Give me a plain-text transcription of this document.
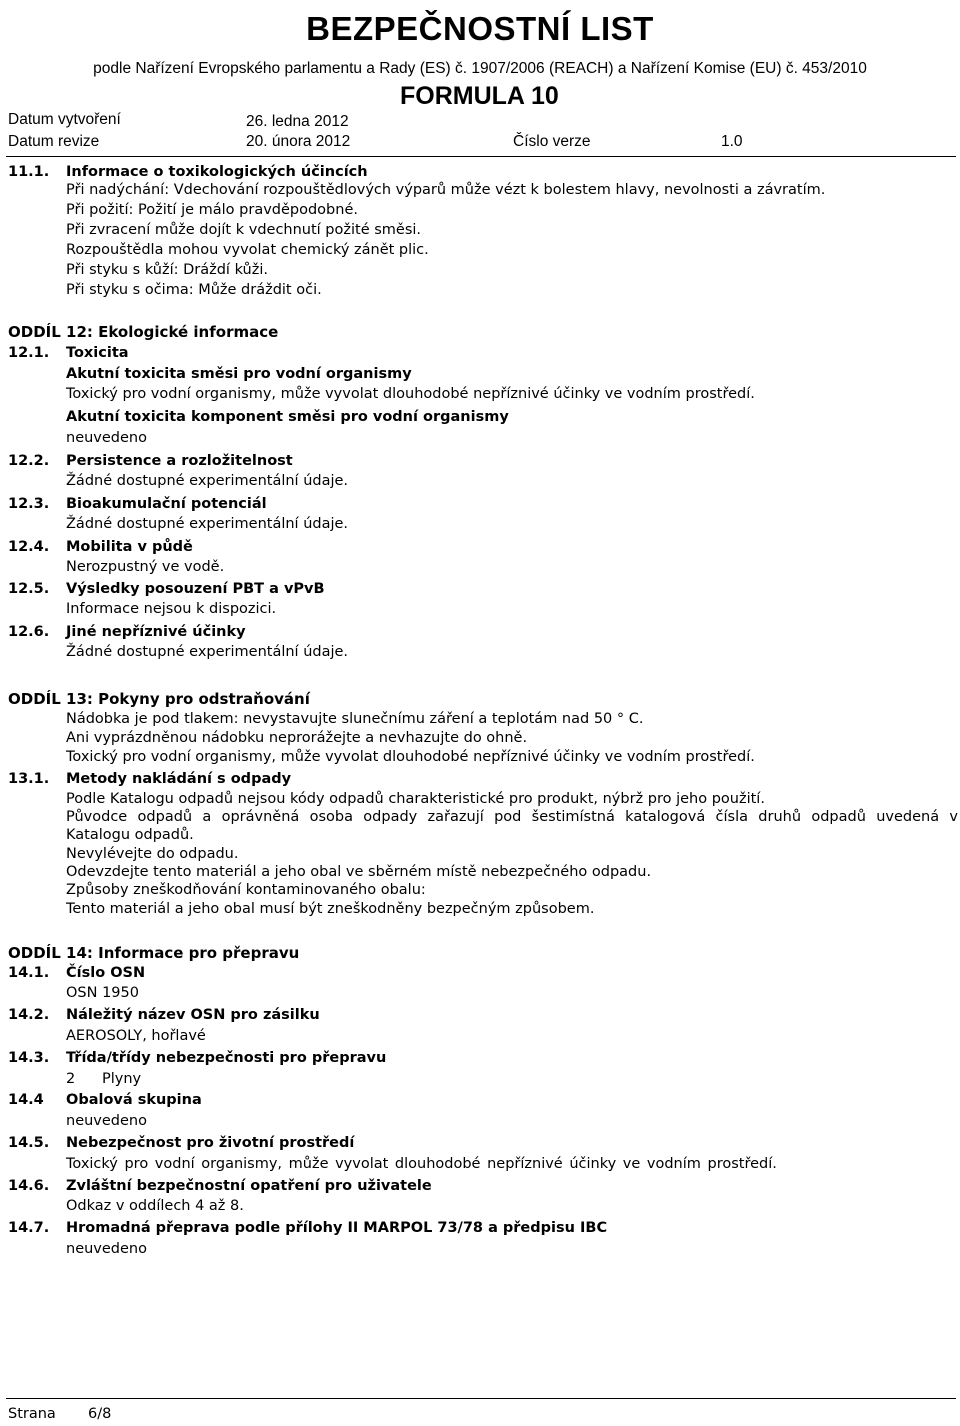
BEZPEČNOSTNÍ LIST
podle Nařízení Evropského parlamentu a Rady (ES) č. 1907/2006 (REACH) a Nařízení Komise (EU) č. 453/2010
FORMULA 10
Datum vytvoření	26. ledna 2012
Datum revize	20. února 2012	Číslo verze	1.0
11.1. Informace o toxikologických účincích
Při nadýchání: Vdechování rozpouštědlových výparů může vézt k bolestem hlavy, nevolnosti a závratím.
Při požití: Požití je málo pravděpodobné.
Při zvracení může dojít k vdechnutí požité směsi.
Rozpouštědla mohou vyvolat chemický zánět plic.
Při styku s kůží: Dráždí kůži.
Při styku s očima: Může dráždit oči.
ODDÍL 12: Ekologické informace
12.1. Toxicita
Akutní toxicita směsi pro vodní organismy
Toxický pro vodní organismy, může vyvolat dlouhodobé nepříznivé účinky ve vodním prostředí.
Akutní toxicita komponent směsi pro vodní organismy
neuvedeno
12.2. Persistence a rozložitelnost
Žádné dostupné experimentální údaje.
12.3. Bioakumulační potenciál
Žádné dostupné experimentální údaje.
12.4. Mobilita v půdě
Nerozpustný ve vodě.
12.5. Výsledky posouzení PBT a vPvB
Informace nejsou k dispozici.
12.6. Jiné nepříznivé účinky
Žádné dostupné experimentální údaje.
ODDÍL 13: Pokyny pro odstraňování
Nádobka je pod tlakem: nevystavujte slunečnímu záření a teplotám nad 50 ° C.
Ani vyprázdněnou nádobku neprorážejte a nevhazujte do ohně.
Toxický pro vodní organismy, může vyvolat dlouhodobé nepříznivé účinky ve vodním prostředí.
13.1. Metody nakládání s odpady
Podle Katalogu odpadů nejsou kódy odpadů charakteristické pro produkt, nýbrž pro jeho použití.
Původce odpadů a oprávněná osoba odpady zařazují pod šestimístná katalogová čísla druhů odpadů uvedená v
Katalogu odpadů.
Nevylévejte do odpadu.
Odevzdejte tento materiál a jeho obal ve sběrném místě nebezpečného odpadu.
Způsoby zneškodňování kontaminovaného obalu:
Tento materiál a jeho obal musí být zneškodněny bezpečným způsobem.
ODDÍL 14: Informace pro přepravu
14.1. Číslo OSN
OSN 1950
14.2. Náležitý název OSN pro zásilku
AEROSOLY, hořlavé
14.3. Třída/třídy nebezpečnosti pro přepravu
2 Plyny
14.4 Obalová skupina
neuvedeno
14.5. Nebezpečnost pro životní prostředí
Toxický pro vodní organismy, může vyvolat dlouhodobé nepříznivé účinky ve vodním prostředí.
14.6. Zvláštní bezpečnostní opatření pro uživatele
Odkaz v oddílech 4 až 8.
14.7. Hromadná přeprava podle přílohy II MARPOL 73/78 a předpisu IBC
neuvedeno
Strana 6/8
